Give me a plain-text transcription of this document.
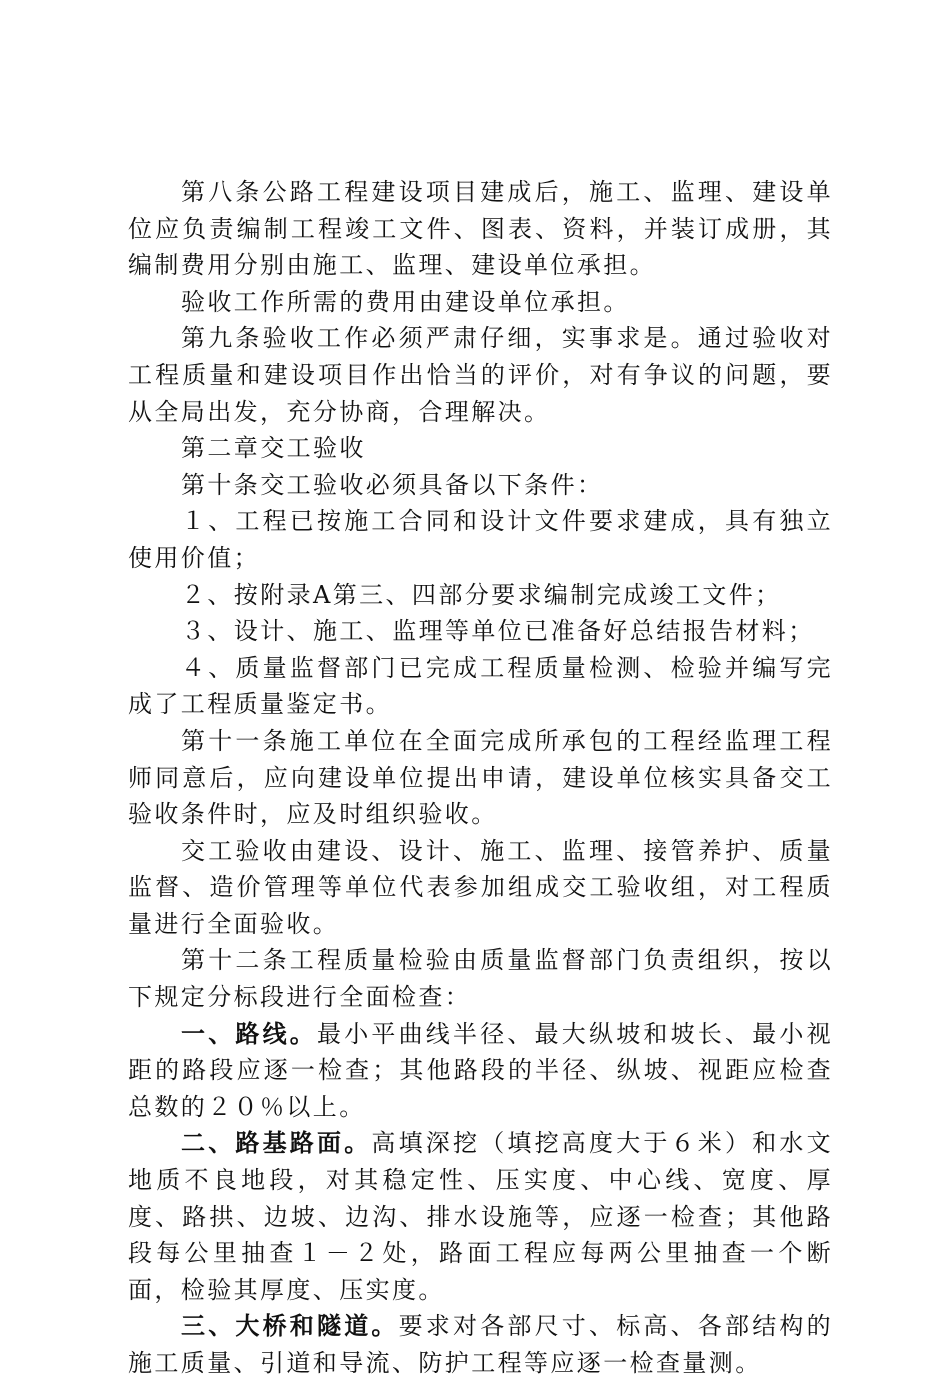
第八条公路工程建设项目建成后，施工、监理、建设单位应负责编制工程竣工文件、图表、资料，并装订成册，其编制费用分别由施工、监理、建设单位承担。

验收工作所需的费用由建设单位承担。

第九条验收工作必须严肃仔细，实事求是。通过验收对工程质量和建设项目作出恰当的评价，对有争议的问题，要从全局出发，充分协商，合理解决。

第二章交工验收

第十条交工验收必须具备以下条件：

１、工程已按施工合同和设计文件要求建成，具有独立使用价值；

２、按附录A第三、四部分要求编制完成竣工文件；

３、设计、施工、监理等单位已准备好总结报告材料；

４、质量监督部门已完成工程质量检测、检验并编写完成了工程质量鉴定书。

第十一条施工单位在全面完成所承包的工程经监理工程师同意后，应向建设单位提出申请，建设单位核实具备交工验收条件时，应及时组织验收。

交工验收由建设、设计、施工、监理、接管养护、质量监督、造价管理等单位代表参加组成交工验收组，对工程质量进行全面验收。

第十二条工程质量检验由质量监督部门负责组织，按以下规定分标段进行全面检查：

一、路线。最小平曲线半径、最大纵坡和坡长、最小视距的路段应逐一检查；其他路段的半径、纵坡、视距应检查总数的２０％以上。

二、路基路面。高填深挖（填挖高度大于６米）和水文地质不良地段，对其稳定性、压实度、中心线、宽度、厚度、路拱、边坡、边沟、排水设施等，应逐一检查；其他路段每公里抽查１－２处，路面工程应每两公里抽查一个断面，检验其厚度、压实度。

三、大桥和隧道。要求对各部尺寸、标高、各部结构的施工质量、引道和导流、防护工程等应逐一检查量测。
